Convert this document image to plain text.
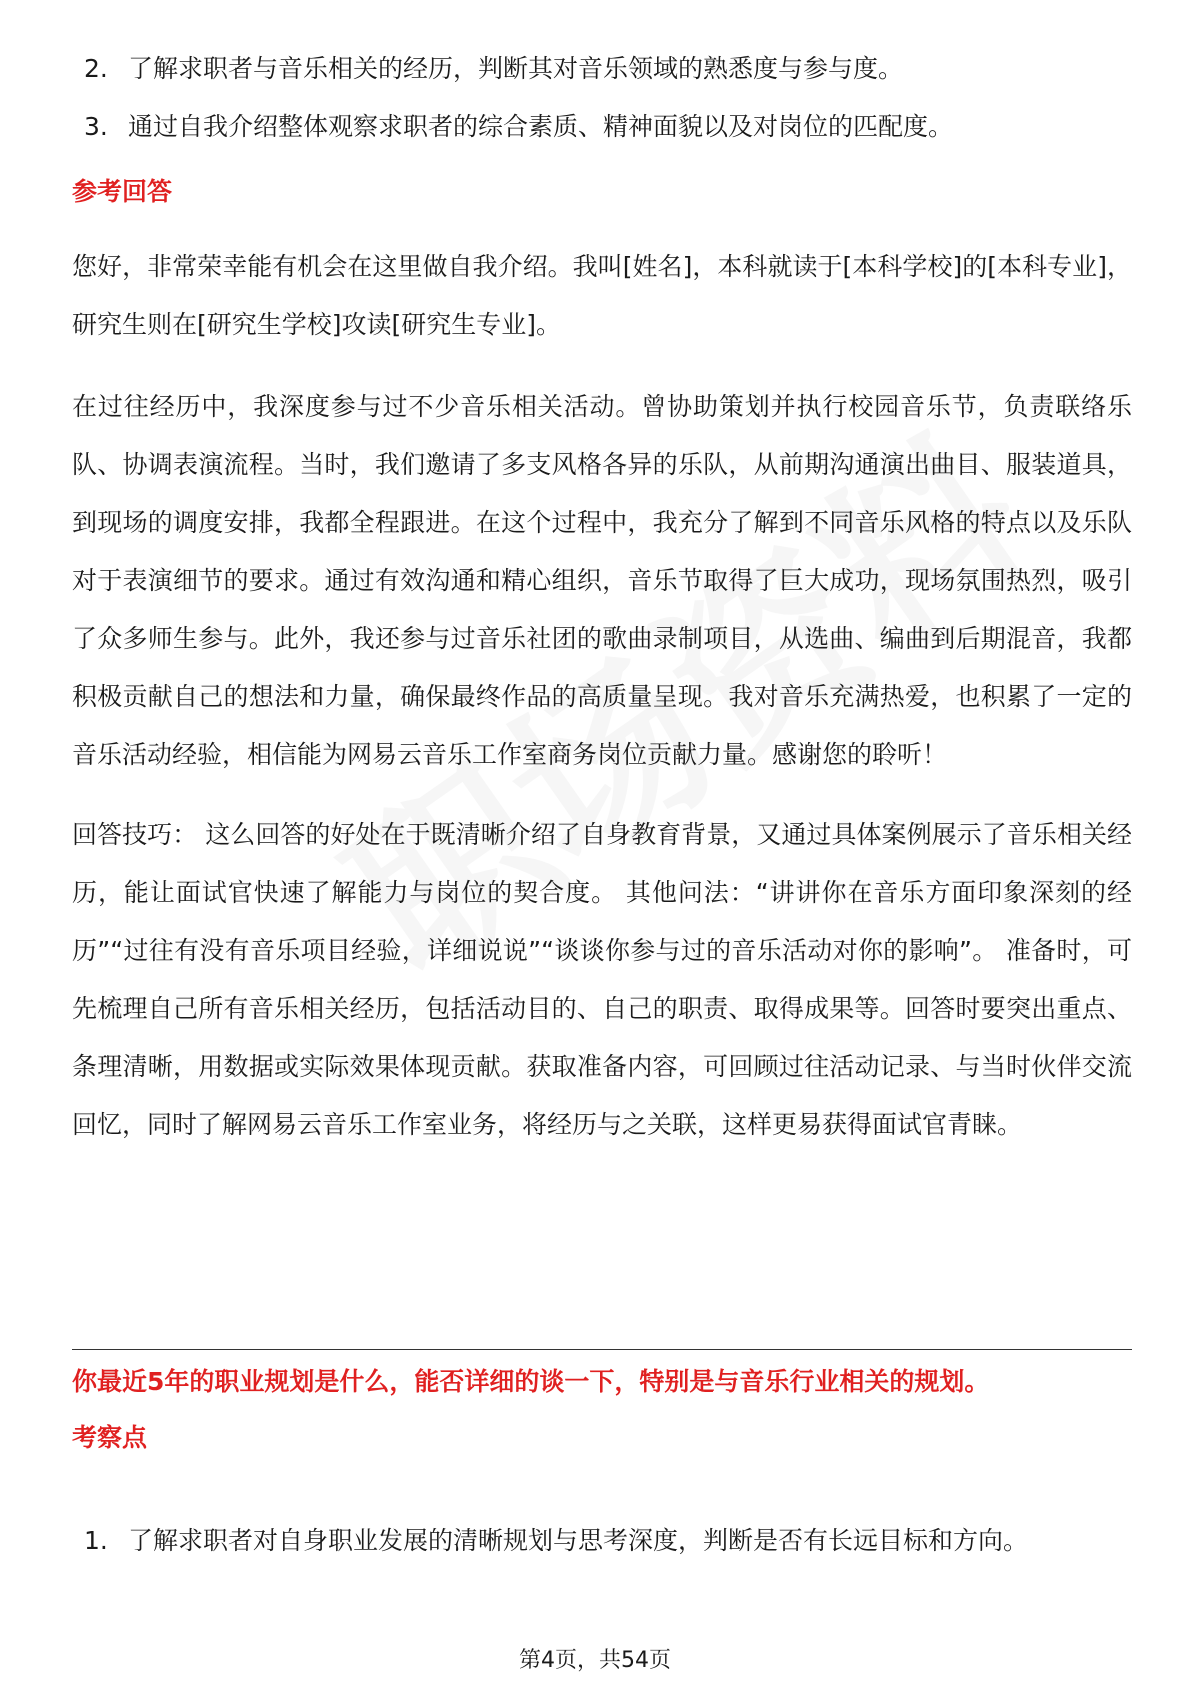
2. 了解求职者与音乐相关的经历，判断其对音乐领域的熟悉度与参与度。
3. 通过自我介绍整体观察求职者的综合素质、精神面貌以及对岗位的匹配度。
参考回答

您好，非常荣幸能有机会在这里做自我介绍。我叫[姓名]，本科就读于[本科学校]的[本科专业]，研究生则在[研究生学校]攻读[研究生专业]。

在过往经历中，我深度参与过不少音乐相关活动。曾协助策划并执行校园音乐节，负责联络乐队、协调表演流程。当时，我们邀请了多支风格各异的乐队，从前期沟通演出曲目、服装道具，到现场的调度安排，我都全程跟进。在这个过程中，我充分了解到不同音乐风格的特点以及乐队对于表演细节的要求。通过有效沟通和精心组织，音乐节取得了巨大成功，现场氛围热烈，吸引了众多师生参与。此外，我还参与过音乐社团的歌曲录制项目，从选曲、编曲到后期混音，我都积极贡献自己的想法和力量，确保最终作品的高质量呈现。我对音乐充满热爱，也积累了一定的音乐活动经验，相信能为网易云音乐工作室商务岗位贡献力量。感谢您的聆听！

回答技巧： 这么回答的好处在于既清晰介绍了自身教育背景，又通过具体案例展示了音乐相关经历，能让面试官快速了解能力与岗位的契合度。 其他问法：“讲讲你在音乐方面印象深刻的经历”“过往有没有音乐项目经验，详细说说”“谈谈你参与过的音乐活动对你的影响”。 准备时，可先梳理自己所有音乐相关经历，包括活动目的、自己的职责、取得成果等。回答时要突出重点、条理清晰，用数据或实际效果体现贡献。获取准备内容，可回顾过往活动记录、与当时伙伴交流回忆，同时了解网易云音乐工作室业务，将经历与之关联，这样更易获得面试官青睐。

你最近5年的职业规划是什么，能否详细的谈一下，特别是与音乐行业相关的规划。
考察点
1. 了解求职者对自身职业发展的清晰规划与思考深度，判断是否有长远目标和方向。
第4页，共54页
